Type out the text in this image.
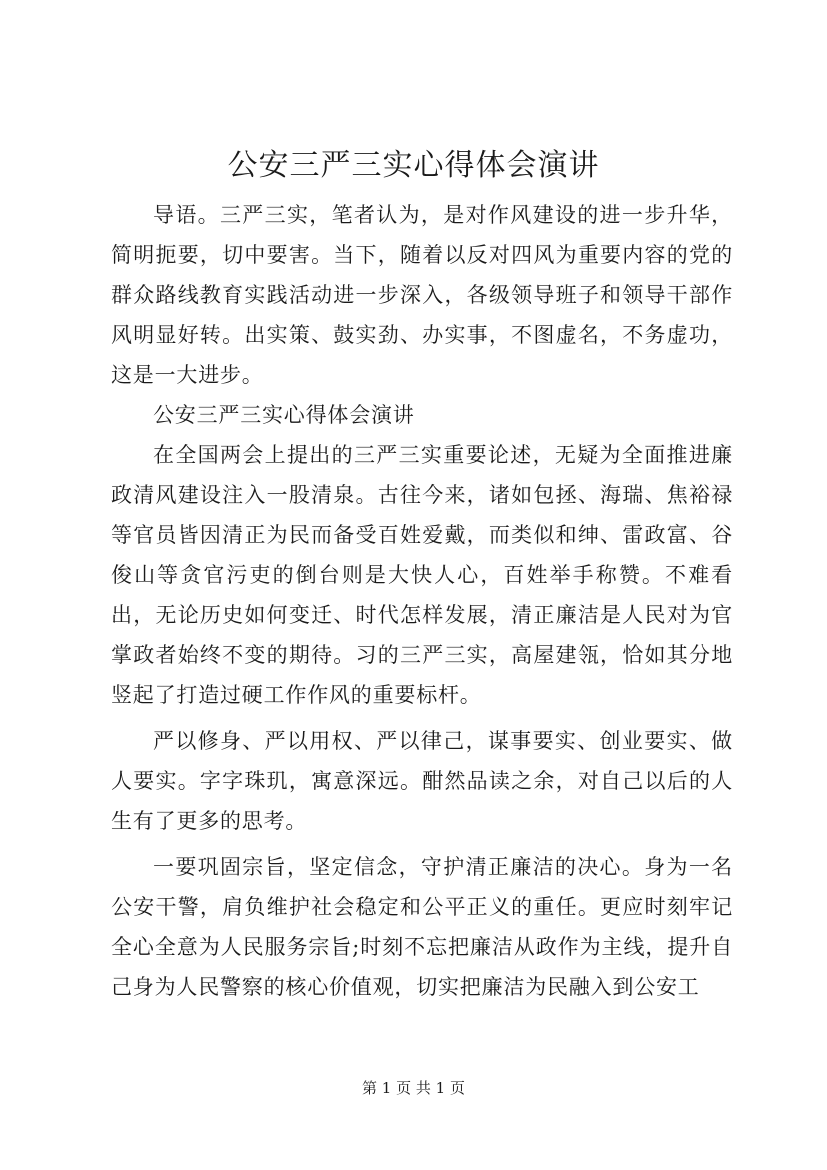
公安三严三实心得体会演讲

导语。三严三实，笔者认为，是对作风建设的进一步升华，简明扼要，切中要害。当下，随着以反对四风为重要内容的党的群众路线教育实践活动进一步深入，各级领导班子和领导干部作风明显好转。出实策、鼓实劲、办实事，不图虚名，不务虚功，这是一大进步。

公安三严三实心得体会演讲

在全国两会上提出的三严三实重要论述，无疑为全面推进廉政清风建设注入一股清泉。古往今来，诸如包拯、海瑞、焦裕禄等官员皆因清正为民而备受百姓爱戴，而类似和绅、雷政富、谷俊山等贪官污吏的倒台则是大快人心，百姓举手称赞。不难看出，无论历史如何变迁、时代怎样发展，清正廉洁是人民对为官掌政者始终不变的期待。习的三严三实，高屋建瓴，恰如其分地竖起了打造过硬工作作风的重要标杆。

严以修身、严以用权、严以律己，谋事要实、创业要实、做人要实。字字珠玑，寓意深远。酣然品读之余，对自己以后的人生有了更多的思考。

一要巩固宗旨，坚定信念，守护清正廉洁的决心。身为一名公安干警，肩负维护社会稳定和公平正义的重任。更应时刻牢记全心全意为人民服务宗旨;时刻不忘把廉洁从政作为主线，提升自己身为人民警察的核心价值观，切实把廉洁为民融入到公安工

第 1 页 共 1 页
